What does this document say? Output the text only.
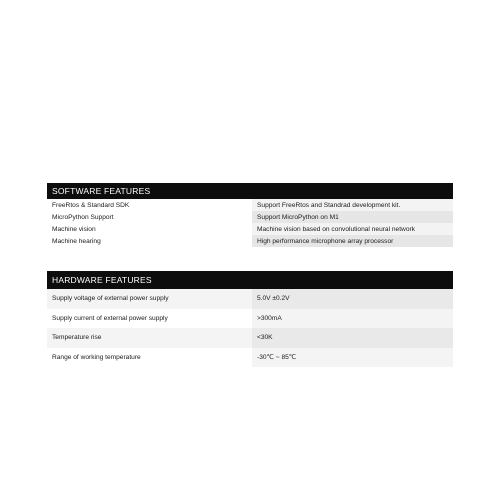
SOFTWARE FEATURES
FreeRtos & Standard SDK	Support FreeRtos and Standrad development kit.
MicroPython Support	Support MicroPython on M1
Machine vision	Machine vision based on convolutional neural network
Machine hearing	High performance microphone array processor
HARDWARE FEATURES
Supply voltage of external power supply	5.0V ±0.2V
Supply current of external power supply	>300mA
Temperature rise	<30K
Range of working temperature	-30℃ ~ 85℃
